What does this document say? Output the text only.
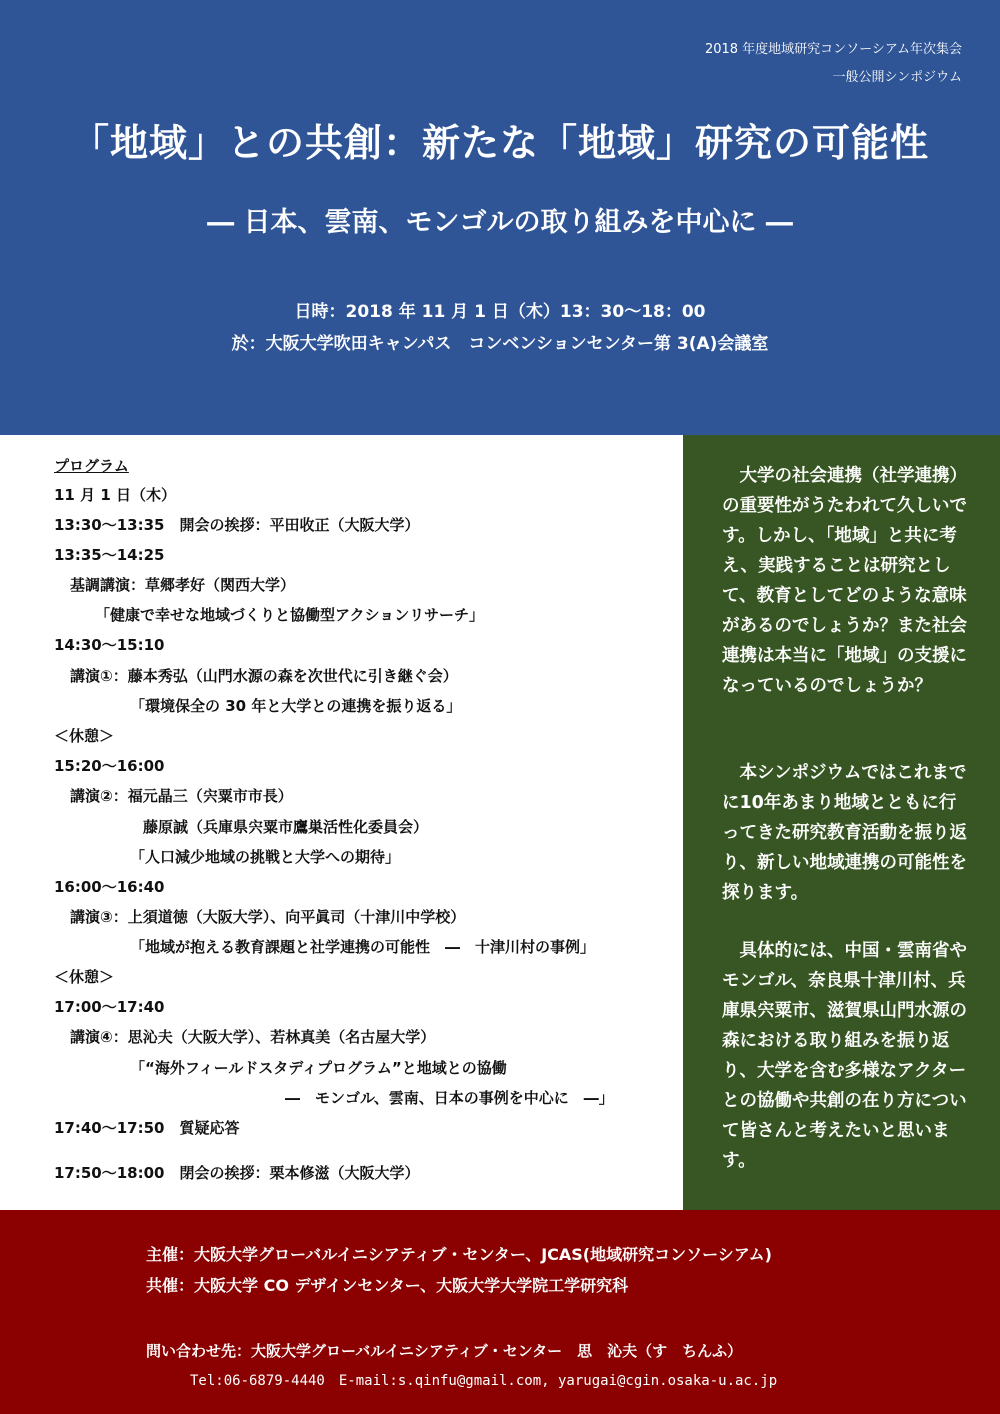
2018 年度地域研究コンソーシアム年次集会
一般公開シンポジウム
「地域」との共創：新たな「地域」研究の可能性
― 日本、雲南、モンゴルの取り組みを中心に ―
日時：2018 年 11 月 1 日（木）13：30～18：00
於：大阪大学吹田キャンパス　コンベンションセンター第 3(A)会議室
プログラム
11 月 1 日（木）
13:30～13:35　開会の挨拶：平田收正（大阪大学）
13:35～14:25
基調講演：草郷孝好（関西大学）
「健康で幸せな地域づくりと協働型アクションリサーチ」
14:30～15:10
講演①：藤本秀弘（山門水源の森を次世代に引き継ぐ会）
「環境保全の 30 年と大学との連携を振り返る」
＜休憩＞
15:20～16:00
講演②：福元晶三（宍粟市市長）
藤原誠（兵庫県宍粟市鷹巣活性化委員会）
「人口減少地域の挑戦と大学への期待」
16:00～16:40
講演③：上須道徳（大阪大学）、向平眞司（十津川中学校）
「地域が抱える教育課題と社学連携の可能性　―　十津川村の事例」
＜休憩＞
17:00～17:40
講演④：思沁夫（大阪大学）、若林真美（名古屋大学）
「“海外フィールドスタディプログラム”と地域との協働
―　モンゴル、雲南、日本の事例を中心に　―」
17:40～17:50　質疑応答
17:50～18:00　閉会の挨拶：栗本修滋（大阪大学）
大学の社会連携（社学連携）の重要性がうたわれて久しいです。しかし、「地域」と共に考え、実践することは研究として、教育としてどのような意味があるのでしょうか？また社会連携は本当に「地域」の支援になっているのでしょうか？
本シンポジウムではこれまでに10年あまり地域とともに行ってきた研究教育活動を振り返り、新しい地域連携の可能性を探ります。
具体的には、中国・雲南省やモンゴル、奈良県十津川村、兵庫県宍粟市、滋賀県山門水源の森における取り組みを振り返り、大学を含む多様なアクターとの協働や共創の在り方について皆さんと考えたいと思います。
主催：大阪大学グローバルイニシアティブ・センター、JCAS(地域研究コンソーシアム)
共催：大阪大学 CO デザインセンター、大阪大学大学院工学研究科
問い合わせ先：大阪大学グローバルイニシアティブ・センター　思　沁夫（す　ちんふ）
Tel:06-6879-4440　E-mail:s.qinfu@gmail.com, yarugai@cgin.osaka-u.ac.jp
